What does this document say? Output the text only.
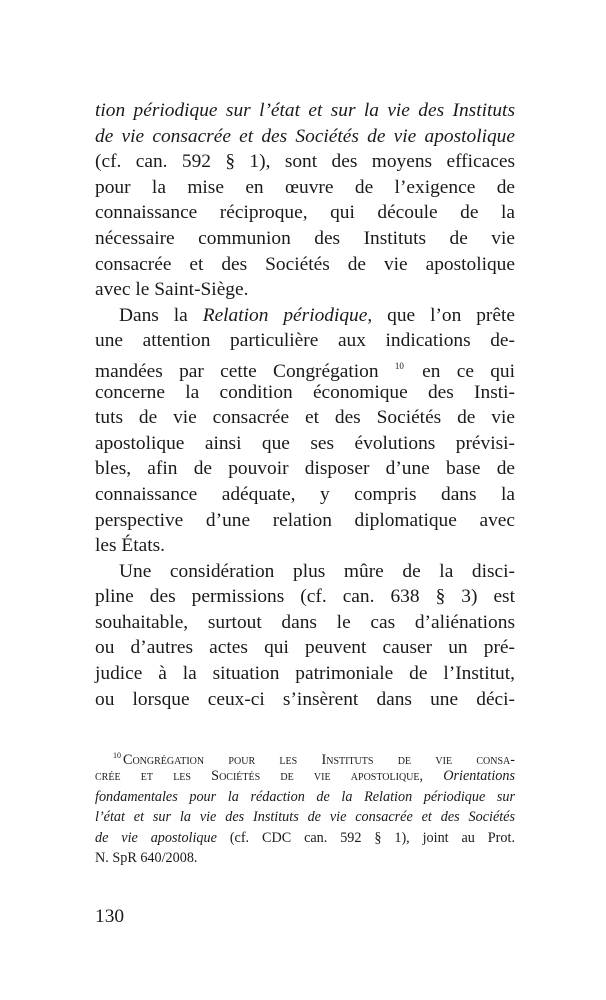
tion périodique sur l’état et sur la vie des Instituts
de vie consacrée et des Sociétés de vie apostolique
(cf. can. 592 § 1), sont des moyens efficaces
pour la mise en œuvre de l’exigence de
connaissance réciproque, qui découle de la
nécessaire communion des Instituts de vie
consacrée et des Sociétés de vie apostolique
avec le Saint-Siège.
Dans la Relation périodique, que l’on prête
une attention particulière aux indications de-
mandées par cette Congrégation $^{10}$ en ce qui
concerne la condition économique des Insti-
tuts de vie consacrée et des Sociétés de vie
apostolique ainsi que ses évolutions prévisi-
bles, afin de pouvoir disposer d’une base de
connaissance adéquate, y compris dans la
perspective d’une relation diplomatique avec
les États.
Une considération plus mûre de la disci-
pline des permissions (cf. can. 638 § 3) est
souhaitable, surtout dans le cas d’aliénations
ou d’autres actes qui peuvent causer un pré-
judice à la situation patrimoniale de l’Institut,
ou lorsque ceux-ci s’insèrent dans une déci-
$^{10}$ Congrégation pour les Instituts de vie consa-
crée et les Sociétés de vie apostolique, Orientations
fondamentales pour la rédaction de la Relation périodique sur
l’état et sur la vie des Instituts de vie consacrée et des Sociétés
de vie apostolique (cf. CDC can. 592 § 1), joint au Prot.
N. SpR 640/2008.
130
